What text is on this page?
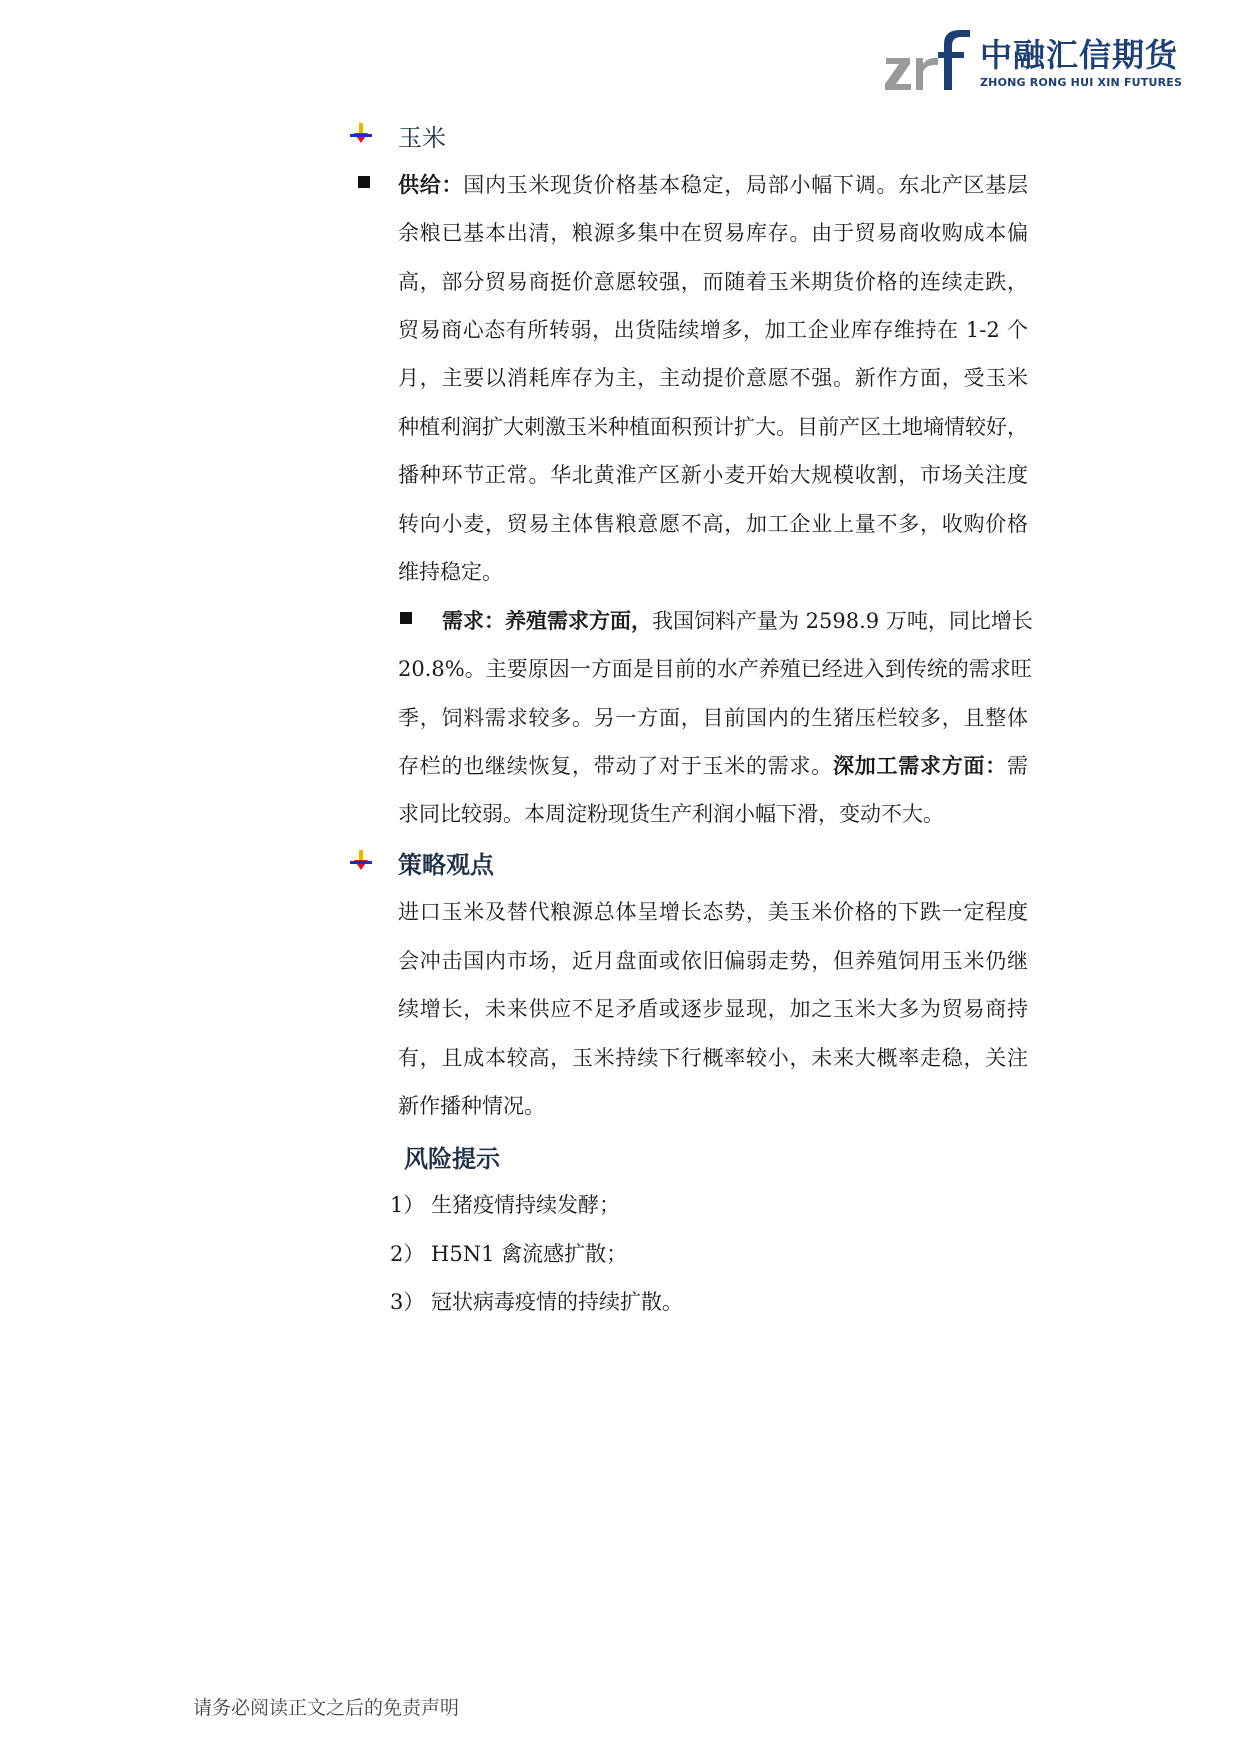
中融汇信期货
ZHONG RONG HUI XIN FUTURES
玉米
供给：国内玉米现货价格基本稳定，局部小幅下调。东北产区基层
余粮已基本出清，粮源多集中在贸易库存。由于贸易商收购成本偏
高，部分贸易商挺价意愿较强，而随着玉米期货价格的连续走跌，
贸易商心态有所转弱，出货陆续增多，加工企业库存维持在 1-2 个
月，主要以消耗库存为主，主动提价意愿不强。新作方面，受玉米
种植利润扩大刺激玉米种植面积预计扩大。目前产区土地墒情较好，
播种环节正常。华北黄淮产区新小麦开始大规模收割，市场关注度
转向小麦，贸易主体售粮意愿不高，加工企业上量不多，收购价格
维持稳定。
需求：养殖需求方面，我国饲料产量为 2598.9 万吨，同比增长
20.8%。主要原因一方面是目前的水产养殖已经进入到传统的需求旺
季，饲料需求较多。另一方面，目前国内的生猪压栏较多，且整体
存栏的也继续恢复，带动了对于玉米的需求。深加工需求方面：需
求同比较弱。本周淀粉现货生产利润小幅下滑，变动不大。
策略观点
进口玉米及替代粮源总体呈增长态势，美玉米价格的下跌一定程度
会冲击国内市场，近月盘面或依旧偏弱走势，但养殖饲用玉米仍继
续增长，未来供应不足矛盾或逐步显现，加之玉米大多为贸易商持
有，且成本较高，玉米持续下行概率较小，未来大概率走稳，关注
新作播种情况。
风险提示
1） 生猪疫情持续发酵；
2） H5N1 禽流感扩散；
3） 冠状病毒疫情的持续扩散。
请务必阅读正文之后的免责声明
